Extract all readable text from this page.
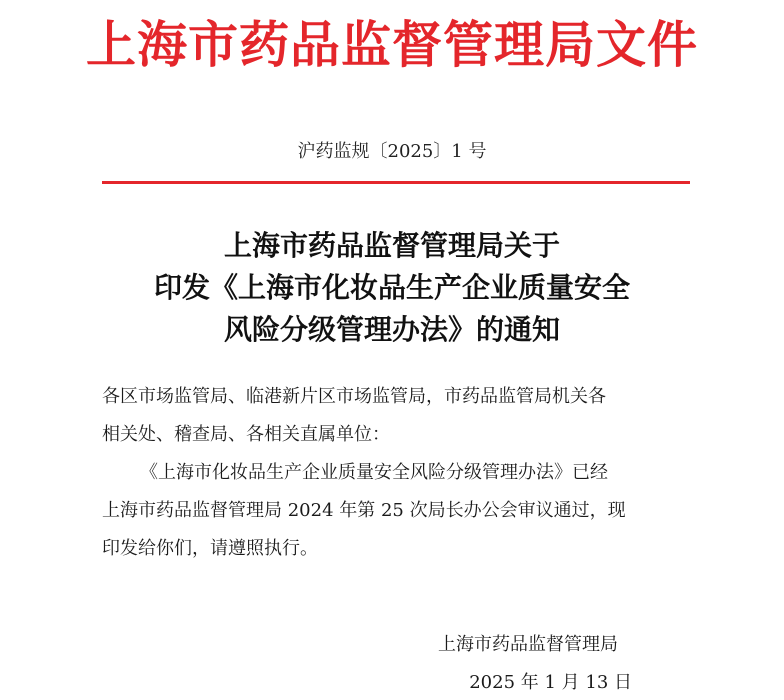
上海市药品监督管理局文件
沪药监规〔2025〕1 号
上海市药品监督管理局关于
印发《上海市化妆品生产企业质量安全
风险分级管理办法》的通知
各区市场监管局、临港新片区市场监管局，市药品监管局机关各
相关处、稽查局、各相关直属单位：
《上海市化妆品生产企业质量安全风险分级管理办法》已经
上海市药品监督管理局 2024 年第 25 次局长办公会审议通过，现
印发给你们，请遵照执行。
上海市药品监督管理局
2025 年 1 月 13 日
